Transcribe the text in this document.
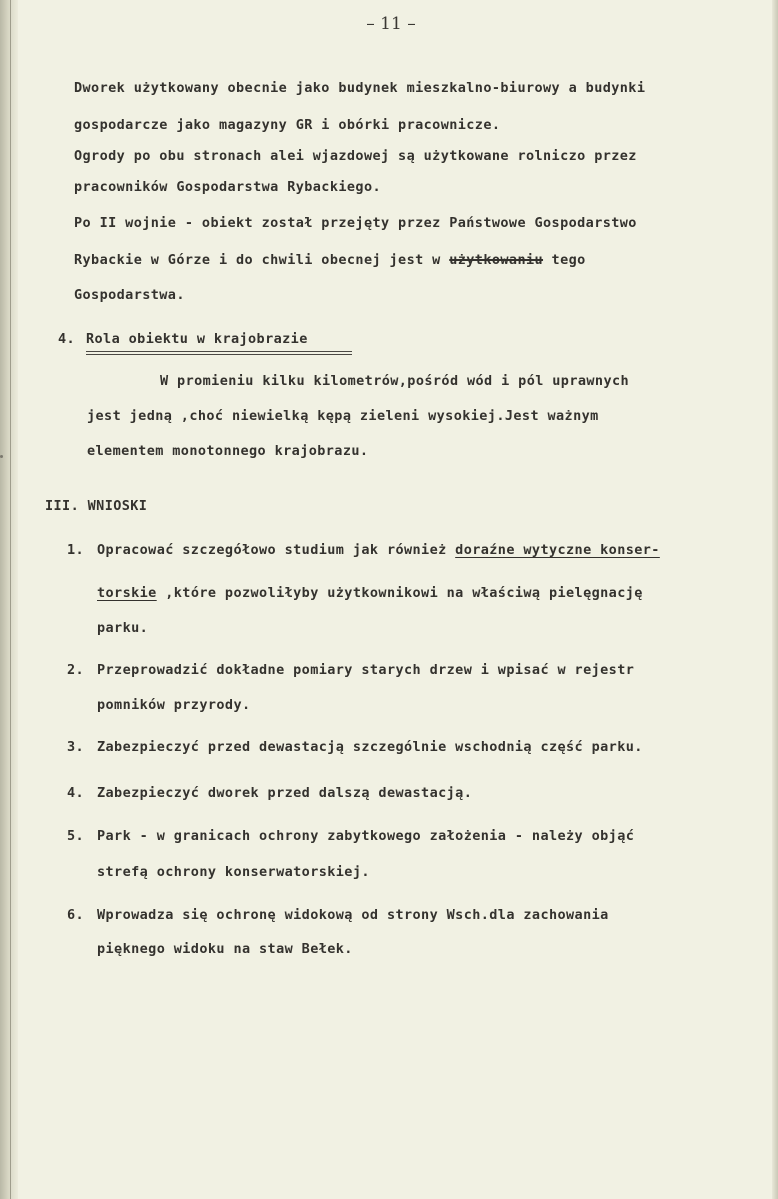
– 11 –
Dworek użytkowany obecnie jako budynek mieszkalno-biurowy a budynki
gospodarcze jako magazyny GR i obórki pracownicze.
Ogrody po obu stronach alei wjazdowej są użytkowane rolniczo przez
pracowników Gospodarstwa Rybackiego.
Po II wojnie - obiekt został przejęty przez Państwowe Gospodarstwo
Rybackie w Górze i do chwili obecnej jest w użytkowaniu tego
Gospodarstwa.
4. Rola obiektu w krajobrazie
W promieniu kilku kilometrów,pośród wód i pól uprawnych
jest jedną ,choć niewielką kępą zieleni wysokiej.Jest ważnym
elementem monotonnego krajobrazu.
III. WNIOSKI
1. Opracować szczegółowo studium jak również doraźne wytyczne konser-
torskie ,które pozwoliłyby użytkownikowi na właściwą pielęgnację
parku.
2. Przeprowadzić dokładne pomiary starych drzew i wpisać w rejestr
pomników przyrody.
3. Zabezpieczyć przed dewastacją szczególnie wschodnią część parku.
4. Zabezpieczyć dworek przed dalszą dewastacją.
5. Park - w granicach ochrony zabytkowego założenia - należy objąć
strefą ochrony konserwatorskiej.
6. Wprowadza się ochronę widokową od strony Wsch.dla zachowania
pięknego widoku na staw Bełek.
